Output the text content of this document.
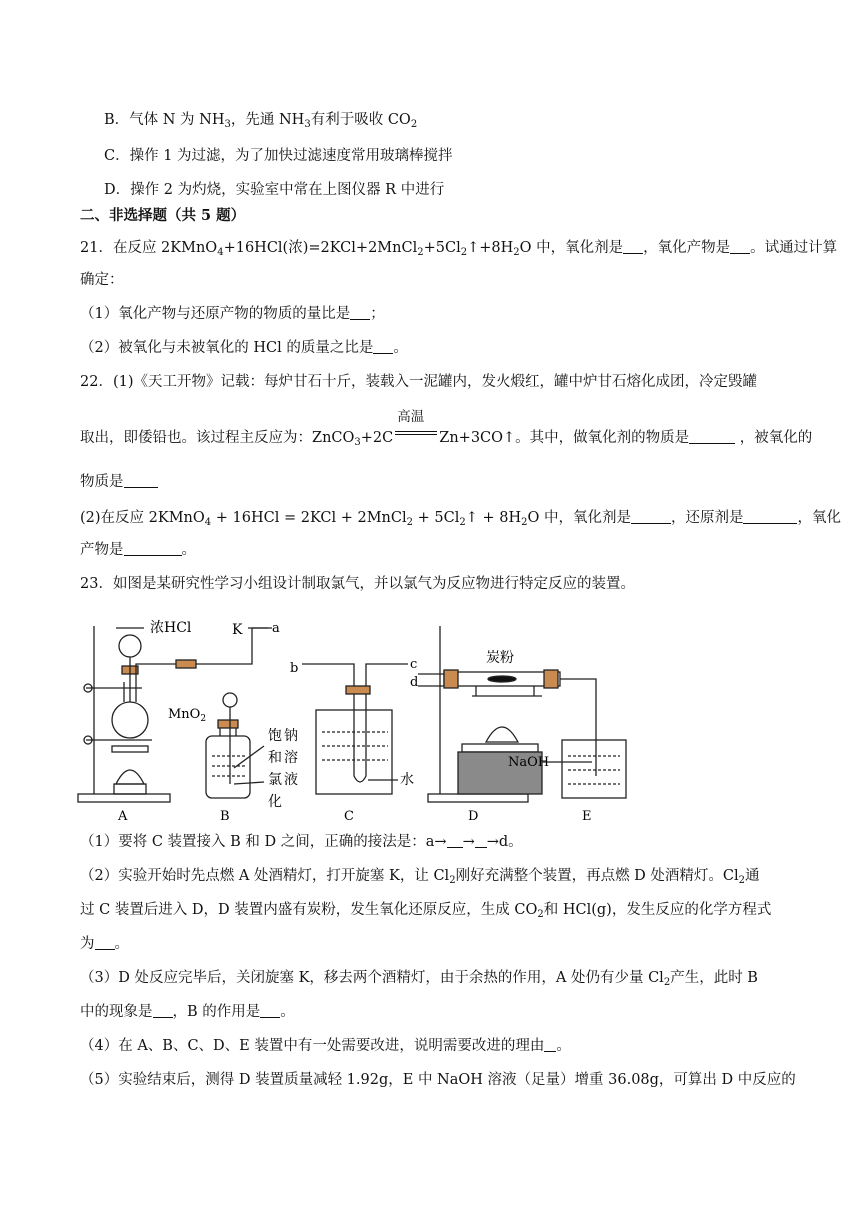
B．气体 N 为 $NH_3$，先通 $NH_3$有利于吸收 $CO_2$
C．操作 1 为过滤，为了加快过滤速度常用玻璃棒搅拌
D．操作 2 为灼烧，实验室中常在上图仪器 R 中进行
二、非选择题（共 5 题）
21．在反应 2KMnO$_4$+16HCl(浓)$=2KCl+2MnCl_2+5Cl_2↑+8H_2O$ 中，氧化剂是 ，氧化产物是 。试通过计算
确定：
（1）氧化产物与还原产物的物质的量比是 ；
（2）被氧化与未被氧化的 HCl 的质量之比是 。
22．(1)《天工开物》记载：每炉甘石十斤，装载入一泥罐内，发火煅红，罐中炉甘石熔化成团，冷定毁罐
取出，即倭铅也。该过程主反应为：ZnCO$_3$+2C
高温
Zn+3CO↑。其中，做氧化剂的物质是	，被氧化的
物质是
(2)在反应 2KMnO$_4$ + 16HCl = 2KCl + 2MnCl$_2$ + $5Cl_2↑ + 8H_2O$ 中，氧化剂是	，还原剂是	，氧化
产物是	。
23．如图是某研究性学习小组设计制取氯气，并以氯气为反应物进行特定反应的装置。
浓HCl	K a
b	c
d
MnO$_2$
炭粉
NaOH
水
饱
和
氯
化
钠
溶
液
A	B	C	D	E
（1）要将 C 装置接入 B 和 D 之间，正确的接法是：a→ → →d。
（2）实验开始时先点燃 A 处酒精灯，打开旋塞 K，让 $Cl_2$刚好充满整个装置，再点燃 D 处酒精灯。$Cl_2$通
过 C 装置后进入 D，D 装置内盛有炭粉，发生氧化还原反应，生成 $CO_2$和 HCl(g)，发生反应的化学方程式
为 。
（3）D 处反应完毕后，关闭旋塞 K，移去两个酒精灯，由于余热的作用，A 处仍有少量 $Cl_2$产生，此时 B
中的现象是 ，B 的作用是 。
（4）在 A、B、C、D、E 装置中有一处需要改进，说明需要改进的理由 。
（5）实验结束后，测得 D 装置质量减轻 1.92g，E 中 NaOH 溶液（足量）增重 36.08g，可算出 D 中反应的
